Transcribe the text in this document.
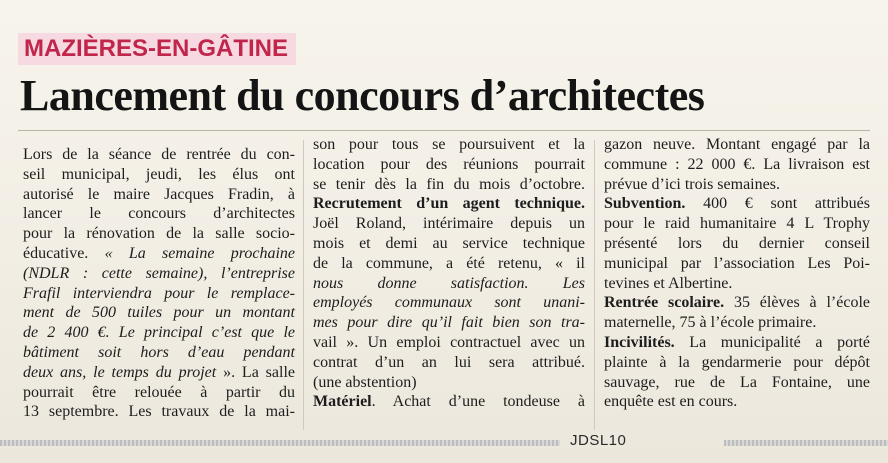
MAZIÈRES-EN-GÂTINE
Lancement du concours d’architectes
Lors de la séance de rentrée du con-
seil municipal, jeudi, les élus ont
autorisé le maire Jacques Fradin, à
lancer le concours d’architectes
pour la rénovation de la salle socio-
éducative. « La semaine prochaine
(NDLR : cette semaine), l’entreprise
Frafil interviendra pour le remplace-
ment de 500 tuiles pour un montant
de 2 400 €. Le principal c’est que le
bâtiment soit hors d’eau pendant
deux ans, le temps du projet ». La salle
pourrait être relouée à partir du
13 septembre. Les travaux de la mai-
son pour tous se poursuivent et la
location pour des réunions pourrait
se tenir dès la fin du mois d’octobre.
Recrutement d’un agent technique.
Joël Roland, intérimaire depuis un
mois et demi au service technique
de la commune, a été retenu, « il
nous donne satisfaction. Les
employés communaux sont unani-
mes pour dire qu’il fait bien son tra-
vail ». Un emploi contractuel avec un
contrat d’un an lui sera attribué.
(une abstention)
Matériel. Achat d’une tondeuse à
gazon neuve. Montant engagé par la
commune : 22 000 €. La livraison est
prévue d’ici trois semaines.
Subvention. 400 € sont attribués
pour le raid humanitaire 4 L Trophy
présenté lors du dernier conseil
municipal par l’association Les Poi-
tevines et Albertine.
Rentrée scolaire. 35 élèves à l’école
maternelle, 75 à l’école primaire.
Incivilités. La municipalité a porté
plainte à la gendarmerie pour dépôt
sauvage, rue de La Fontaine, une
enquête est en cours.
JDSL10
